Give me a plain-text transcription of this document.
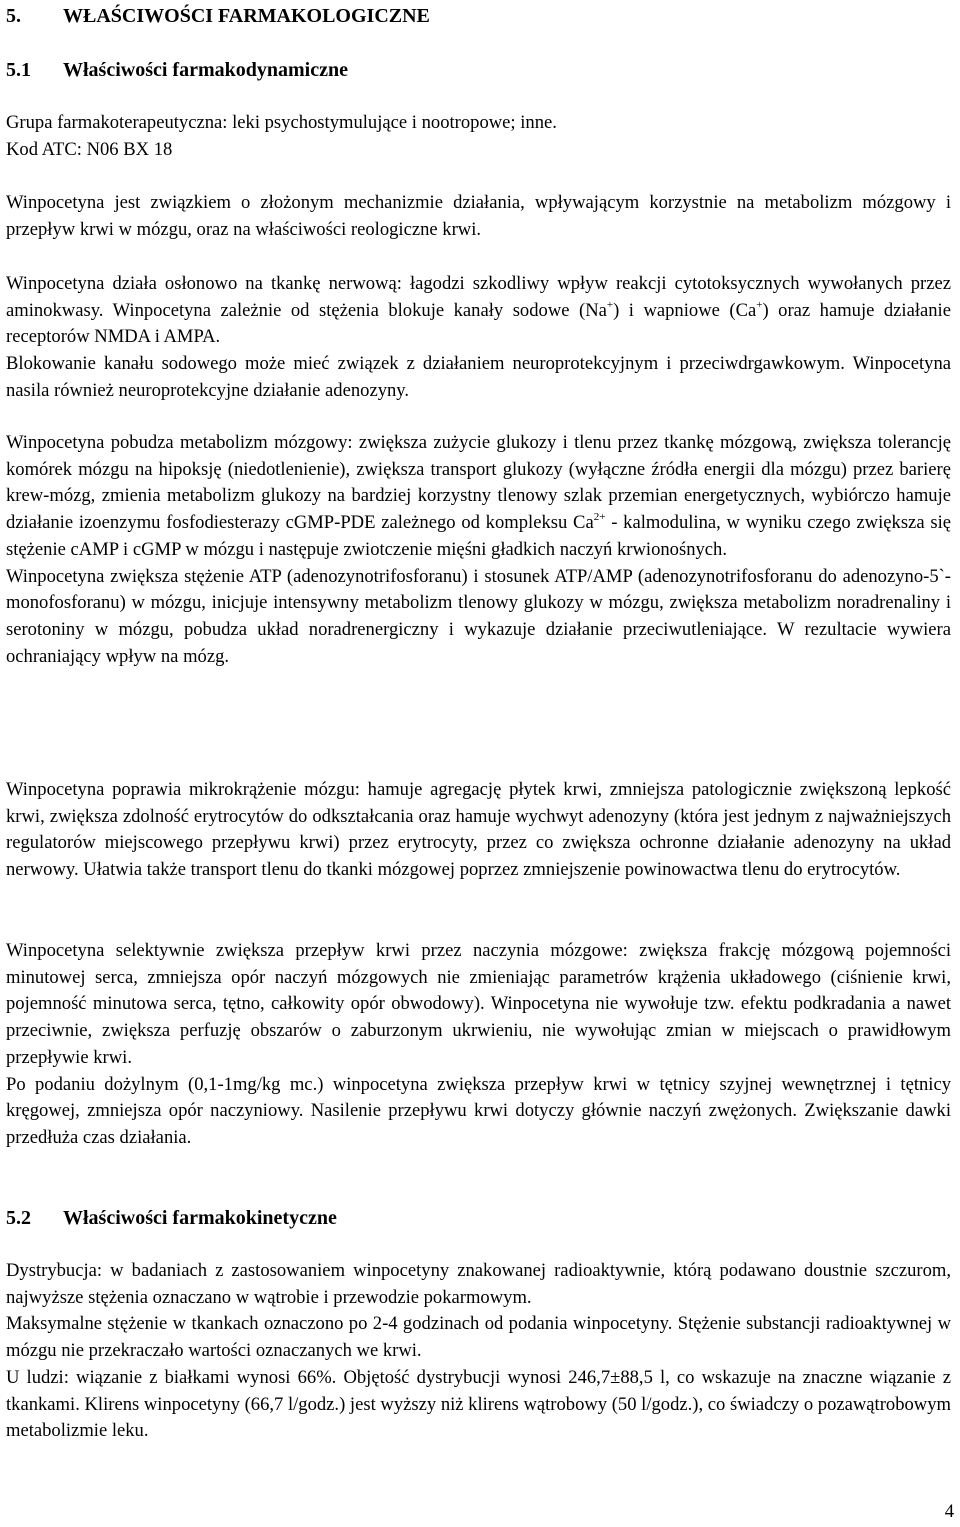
5. WŁAŚCIWOŚCI FARMAKOLOGICZNE
5.1 Właściwości farmakodynamiczne

Grupa farmakoterapeutyczna: leki psychostymulujące i nootropowe; inne.

Kod ATC: N06 BX 18

Winpocetyna jest związkiem o złożonym mechanizmie działania, wpływającym korzystnie na metabolizm mózgowy i przepływ krwi w mózgu, oraz na właściwości reologiczne krwi.

Winpocetyna działa osłonowo na tkankę nerwową: łagodzi szkodliwy wpływ reakcji cytotoksycznych wywołanych przez aminokwasy. Winpocetyna zależnie od stężenia blokuje kanały sodowe (Na+) i wapniowe (Ca+) oraz hamuje działanie receptorów NMDA i AMPA.

Blokowanie kanału sodowego może mieć związek z działaniem neuroprotekcyjnym i przeciwdrgawkowym. Winpocetyna nasila również neuroprotekcyjne działanie adenozyny.

Winpocetyna pobudza metabolizm mózgowy: zwiększa zużycie glukozy i tlenu przez tkankę mózgową, zwiększa tolerancję komórek mózgu na hipoksję (niedotlenienie), zwiększa transport glukozy (wyłączne źródła energii dla mózgu) przez barierę krew-mózg, zmienia metabolizm glukozy na bardziej korzystny tlenowy szlak przemian energetycznych, wybiórczo hamuje działanie izoenzymu fosfodiesterazy cGMP-PDE zależnego od kompleksu $Ca^{2+}$ - kalmodulina, w wyniku czego zwiększa się stężenie cAMP i cGMP w mózgu i następuje zwiotczenie mięśni gładkich naczyń krwionośnych.

Winpocetyna zwiększa stężenie ATP (adenozynotrifosforanu) i stosunek ATP/AMP (adenozynotrifosforanu do adenozyno-5`-monofosforanu) w mózgu, inicjuje intensywny metabolizm tlenowy glukozy w mózgu, zwiększa metabolizm noradrenaliny i serotoniny w mózgu, pobudza układ noradrenergiczny i wykazuje działanie przeciwutleniające. W rezultacie wywiera ochraniający wpływ na mózg.

Winpocetyna poprawia mikrokrążenie mózgu: hamuje agregację płytek krwi, zmniejsza patologicznie zwiększoną lepkość krwi, zwiększa zdolność erytrocytów do odkształcania oraz hamuje wychwyt adenozyny (która jest jednym z najważniejszych regulatorów miejscowego przepływu krwi) przez erytrocyty, przez co zwiększa ochronne działanie adenozyny na układ nerwowy. Ułatwia także transport tlenu do tkanki mózgowej poprzez zmniejszenie powinowactwa tlenu do erytrocytów.

Winpocetyna selektywnie zwiększa przepływ krwi przez naczynia mózgowe: zwiększa frakcję mózgową pojemności minutowej serca, zmniejsza opór naczyń mózgowych nie zmieniając parametrów krążenia układowego (ciśnienie krwi, pojemność minutowa serca, tętno, całkowity opór obwodowy). Winpocetyna nie wywołuje tzw. efektu podkradania a nawet przeciwnie, zwiększa perfuzję obszarów o zaburzonym ukrwieniu, nie wywołując zmian w miejscach o prawidłowym przepływie krwi.

Po podaniu dożylnym (0,1-1mg/kg mc.) winpocetyna zwiększa przepływ krwi w tętnicy szyjnej wewnętrznej i tętnicy kręgowej, zmniejsza opór naczyniowy. Nasilenie przepływu krwi dotyczy głównie naczyń zwężonych. Zwiększanie dawki przedłuża czas działania.

5.2 Właściwości farmakokinetyczne

Dystrybucja: w badaniach z zastosowaniem winpocetyny znakowanej radioaktywnie, którą podawano doustnie szczurom, najwyższe stężenia oznaczano w wątrobie i przewodzie pokarmowym.

Maksymalne stężenie w tkankach oznaczono po 2-4 godzinach od podania winpocetyny. Stężenie substancji radioaktywnej w mózgu nie przekraczało wartości oznaczanych we krwi.

U ludzi: wiązanie z białkami wynosi 66%. Objętość dystrybucji wynosi 246,7±88,5 l, co wskazuje na znaczne wiązanie z tkankami. Klirens winpocetyny (66,7 l/godz.) jest wyższy niż klirens wątrobowy (50 l/godz.), co świadczy o pozawątrobowym metabolizmie leku.

4
